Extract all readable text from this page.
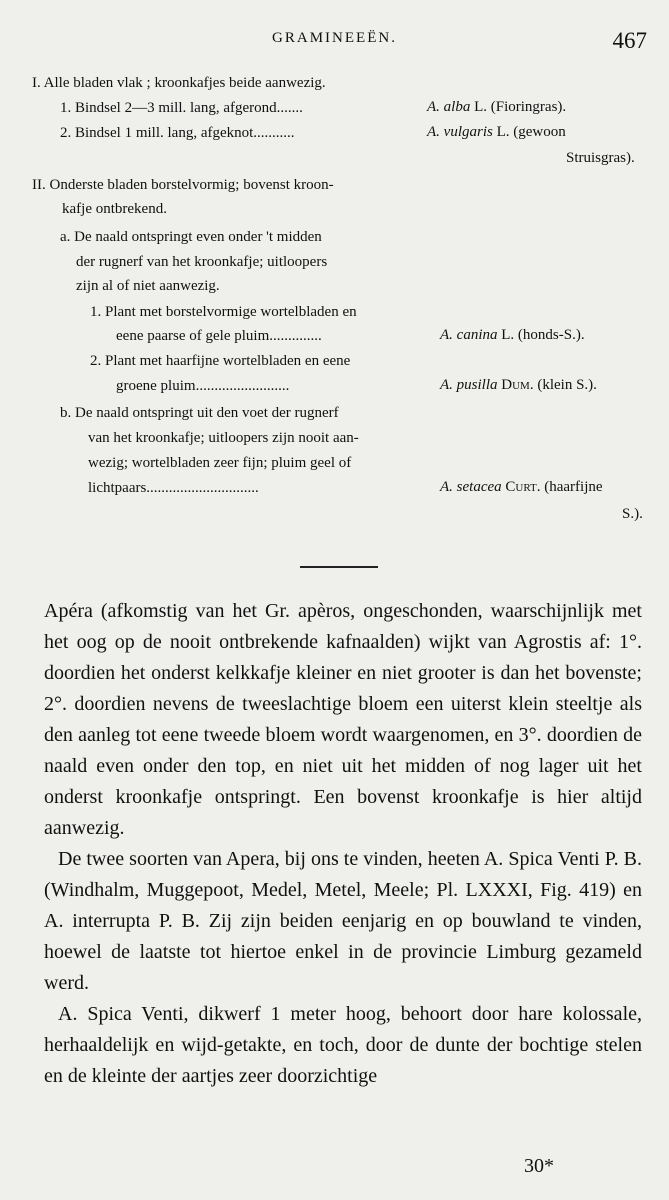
GRAMINEEËN.	467
I. Alle bladen vlak ; kroonkafjes beide aanwezig.
1. Bindsel 2—3 mill. lang, afgerond.......	A. alba L. (Fioringras).
2. Bindsel 1 mill. lang, afgeknot...........	A. vulgaris L. (gewoon
Struisgras).
II. Onderste bladen borstelvormig; bovenst kroon-
kafje ontbrekend.
a. De naald ontspringt even onder 't midden
der rugnerf van het kroonkafje; uitloopers
zijn al of niet aanwezig.
1. Plant met borstelvormige wortelbladen en
eene paarse of gele pluim..............	A. canina L. (honds-S.).
2. Plant met haarfijne wortelbladen en eene
groene pluim.........................	A. pusilla Dum. (klein S.).
b. De naald ontspringt uit den voet der rugnerf
van het kroonkafje; uitloopers zijn nooit aan-
wezig; wortelbladen zeer fijn; pluim geel of
lichtpaars..............................	A. setacea Curt. (haarfijne
S.).

Apéra (afkomstig van het Gr. apèros, ongeschonden, waarschijnlijk met het oog op de nooit ontbrekende kafnaalden) wijkt van Agrostis af: 1°. doordien het onderst kelkkafje kleiner en niet grooter is dan het bovenste; 2°. doordien nevens de tweeslachtige bloem een uiterst klein steeltje als den aanleg tot eene tweede bloem wordt waargenomen, en 3°. doordien de naald even onder den top, en niet uit het midden of nog lager uit het onderst kroonkafje ontspringt. Een bovenst kroonkafje is hier altijd aanwezig.

De twee soorten van Apera, bij ons te vinden, heeten A. Spica Venti P. B. (Windhalm, Muggepoot, Medel, Metel, Meele; Pl. LXXXI, Fig. 419) en A. interrupta P. B. Zij zijn beiden eenjarig en op bouwland te vinden, hoewel de laatste tot hiertoe enkel in de provincie Limburg gezameld werd.

A. Spica Venti, dikwerf 1 meter hoog, behoort door hare kolossale, herhaaldelijk en wijd-getakte, en toch, door de dunte der bochtige stelen en de kleinte der aartjes zeer doorzichtige

30*
